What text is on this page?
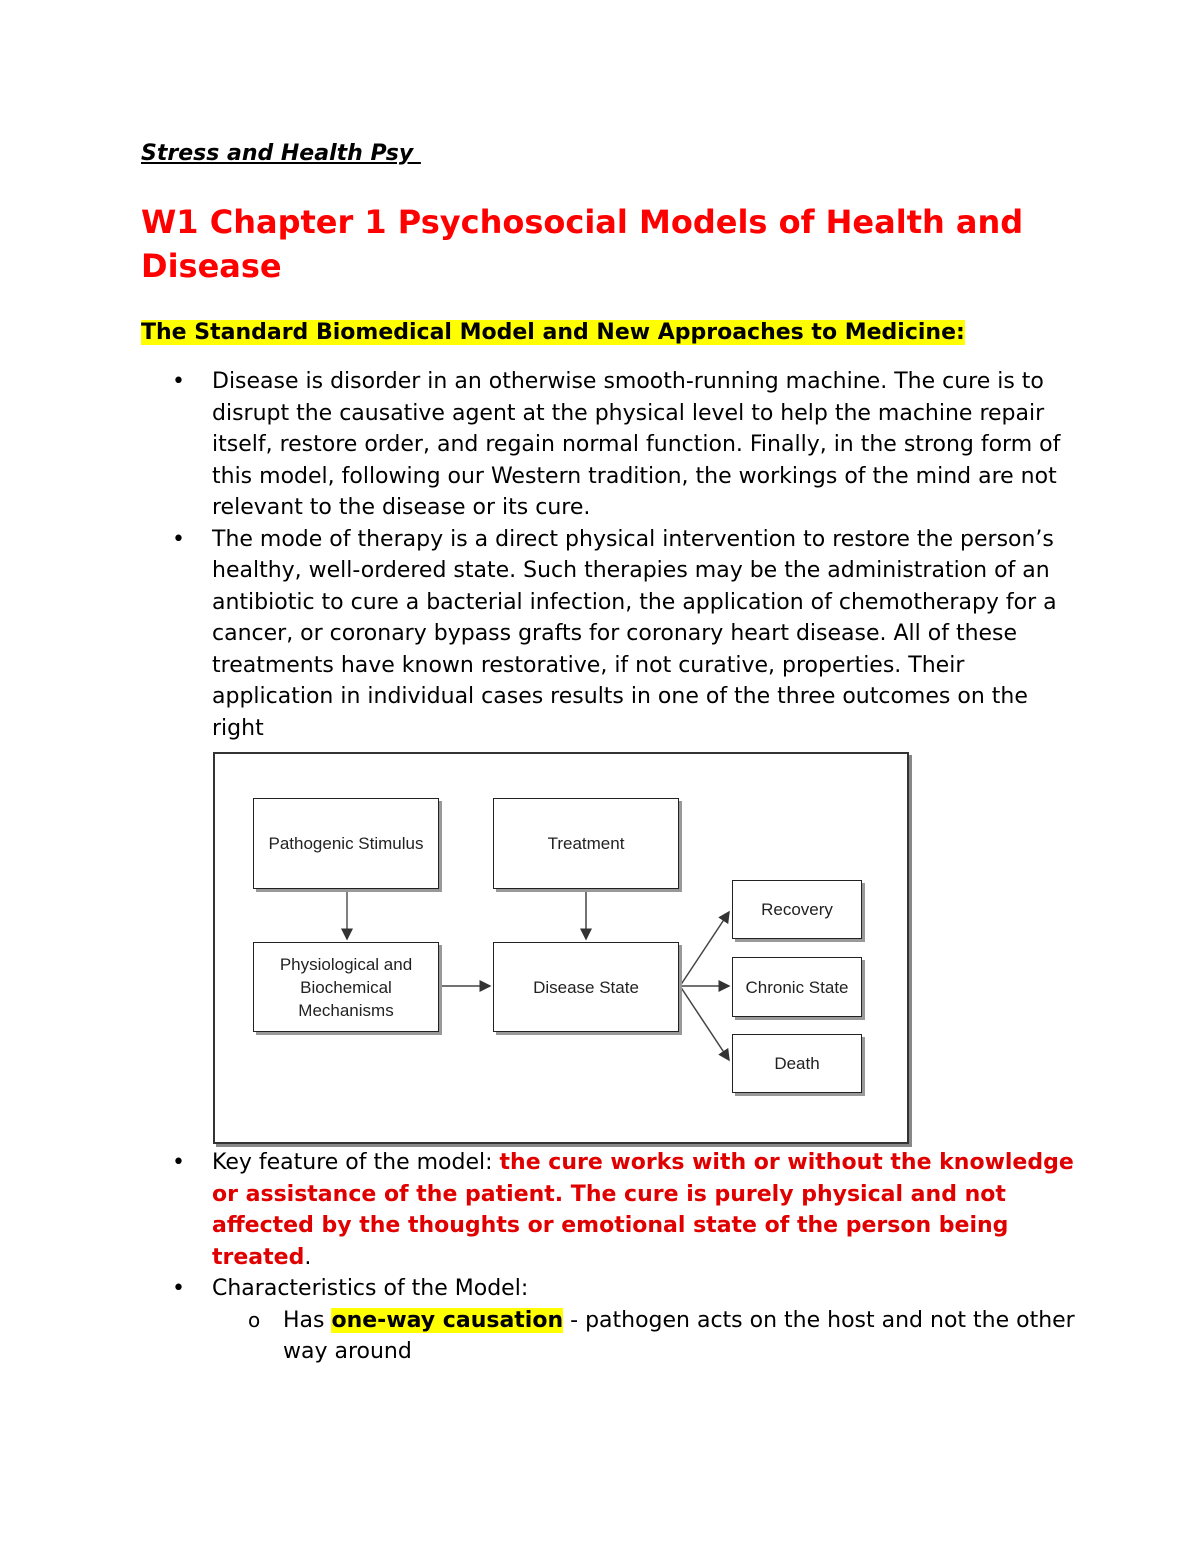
Stress and Health Psy
W1 Chapter 1 Psychosocial Models of Health and Disease
The Standard Biomedical Model and New Approaches to Medicine:
• Disease is disorder in an otherwise smooth-running machine. The cure is to disrupt the causative agent at the physical level to help the machine repair itself, restore order, and regain normal function. Finally, in the strong form of this model, following our Western tradition, the workings of the mind are not relevant to the disease or its cure.
• The mode of therapy is a direct physical intervention to restore the person’s healthy, well-ordered state. Such therapies may be the administration of an antibiotic to cure a bacterial infection, the application of chemotherapy for a cancer, or coronary bypass grafts for coronary heart disease. All of these treatments have known restorative, if not curative, properties. Their application in individual cases results in one of the three outcomes on the right
Pathogenic Stimulus	Treatment
Physiological and Biochemical Mechanisms
Disease State
Recovery
Chronic State
Death
• Key feature of the model: the cure works with or without the knowledge or assistance of the patient. The cure is purely physical and not affected by the thoughts or emotional state of the person being treated.
• Characteristics of the Model:
o Has one-way causation - pathogen acts on the host and not the other way around
